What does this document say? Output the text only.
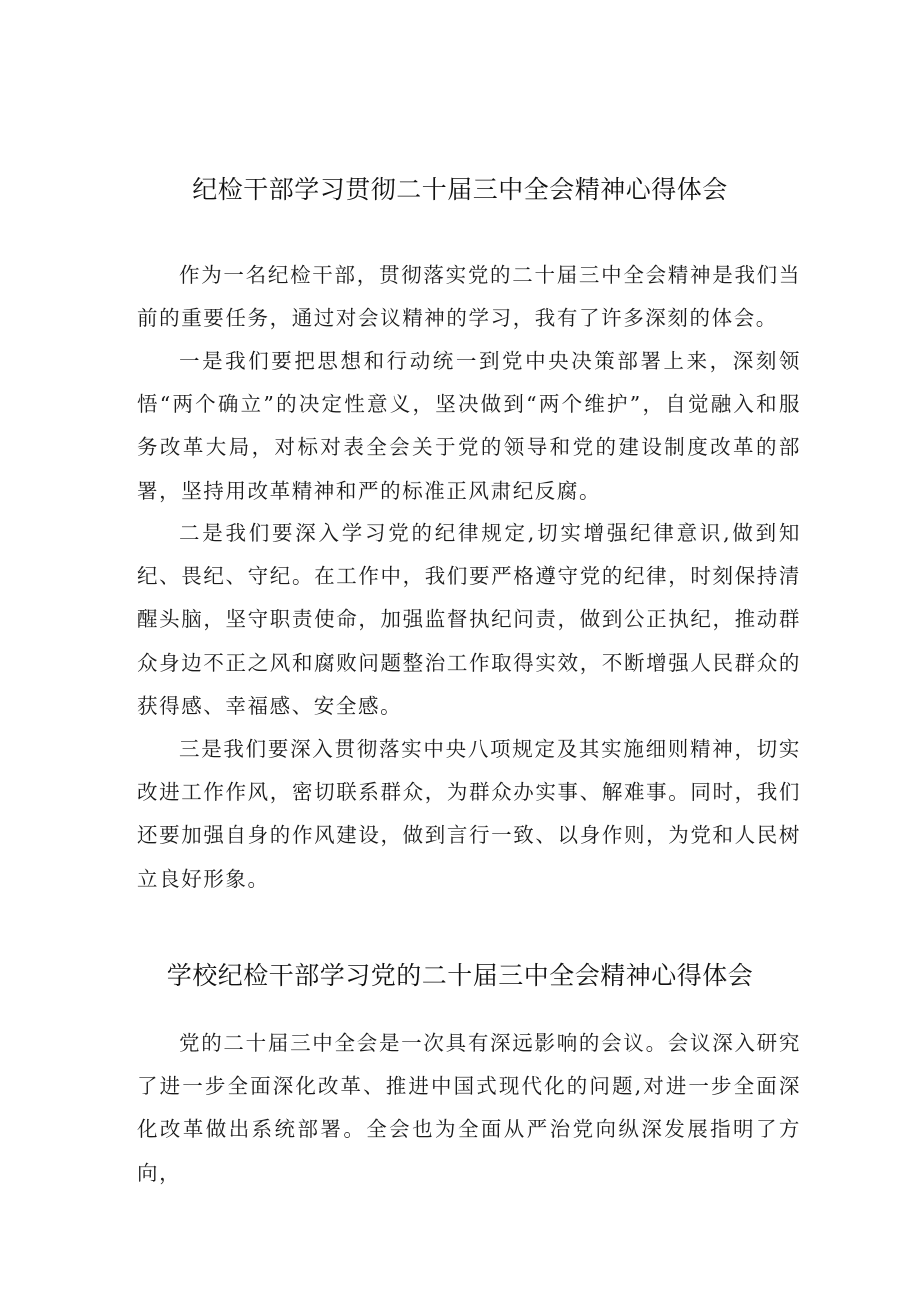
纪检干部学习贯彻二十届三中全会精神心得体会

作为一名纪检干部，贯彻落实党的二十届三中全会精神是我们当前的重要任务，通过对会议精神的学习，我有了许多深刻的体会。

一是我们要把思想和行动统一到党中央决策部署上来，深刻领悟“两个确立”的决定性意义，坚决做到“两个维护”，自觉融入和服务改革大局，对标对表全会关于党的领导和党的建设制度改革的部署，坚持用改革精神和严的标准正风肃纪反腐。

二是我们要深入学习党的纪律规定,切实增强纪律意识,做到知纪、畏纪、守纪。在工作中，我们要严格遵守党的纪律，时刻保持清醒头脑，坚守职责使命，加强监督执纪问责，做到公正执纪，推动群众身边不正之风和腐败问题整治工作取得实效，不断增强人民群众的获得感、幸福感、安全感。

三是我们要深入贯彻落实中央八项规定及其实施细则精神，切实改进工作作风，密切联系群众，为群众办实事、解难事。同时，我们还要加强自身的作风建设，做到言行一致、以身作则，为党和人民树立良好形象。

学校纪检干部学习党的二十届三中全会精神心得体会

党的二十届三中全会是一次具有深远影响的会议。会议深入研究了进一步全面深化改革、推进中国式现代化的问题,对进一步全面深化改革做出系统部署。全会也为全面从严治党向纵深发展指明了方向，
